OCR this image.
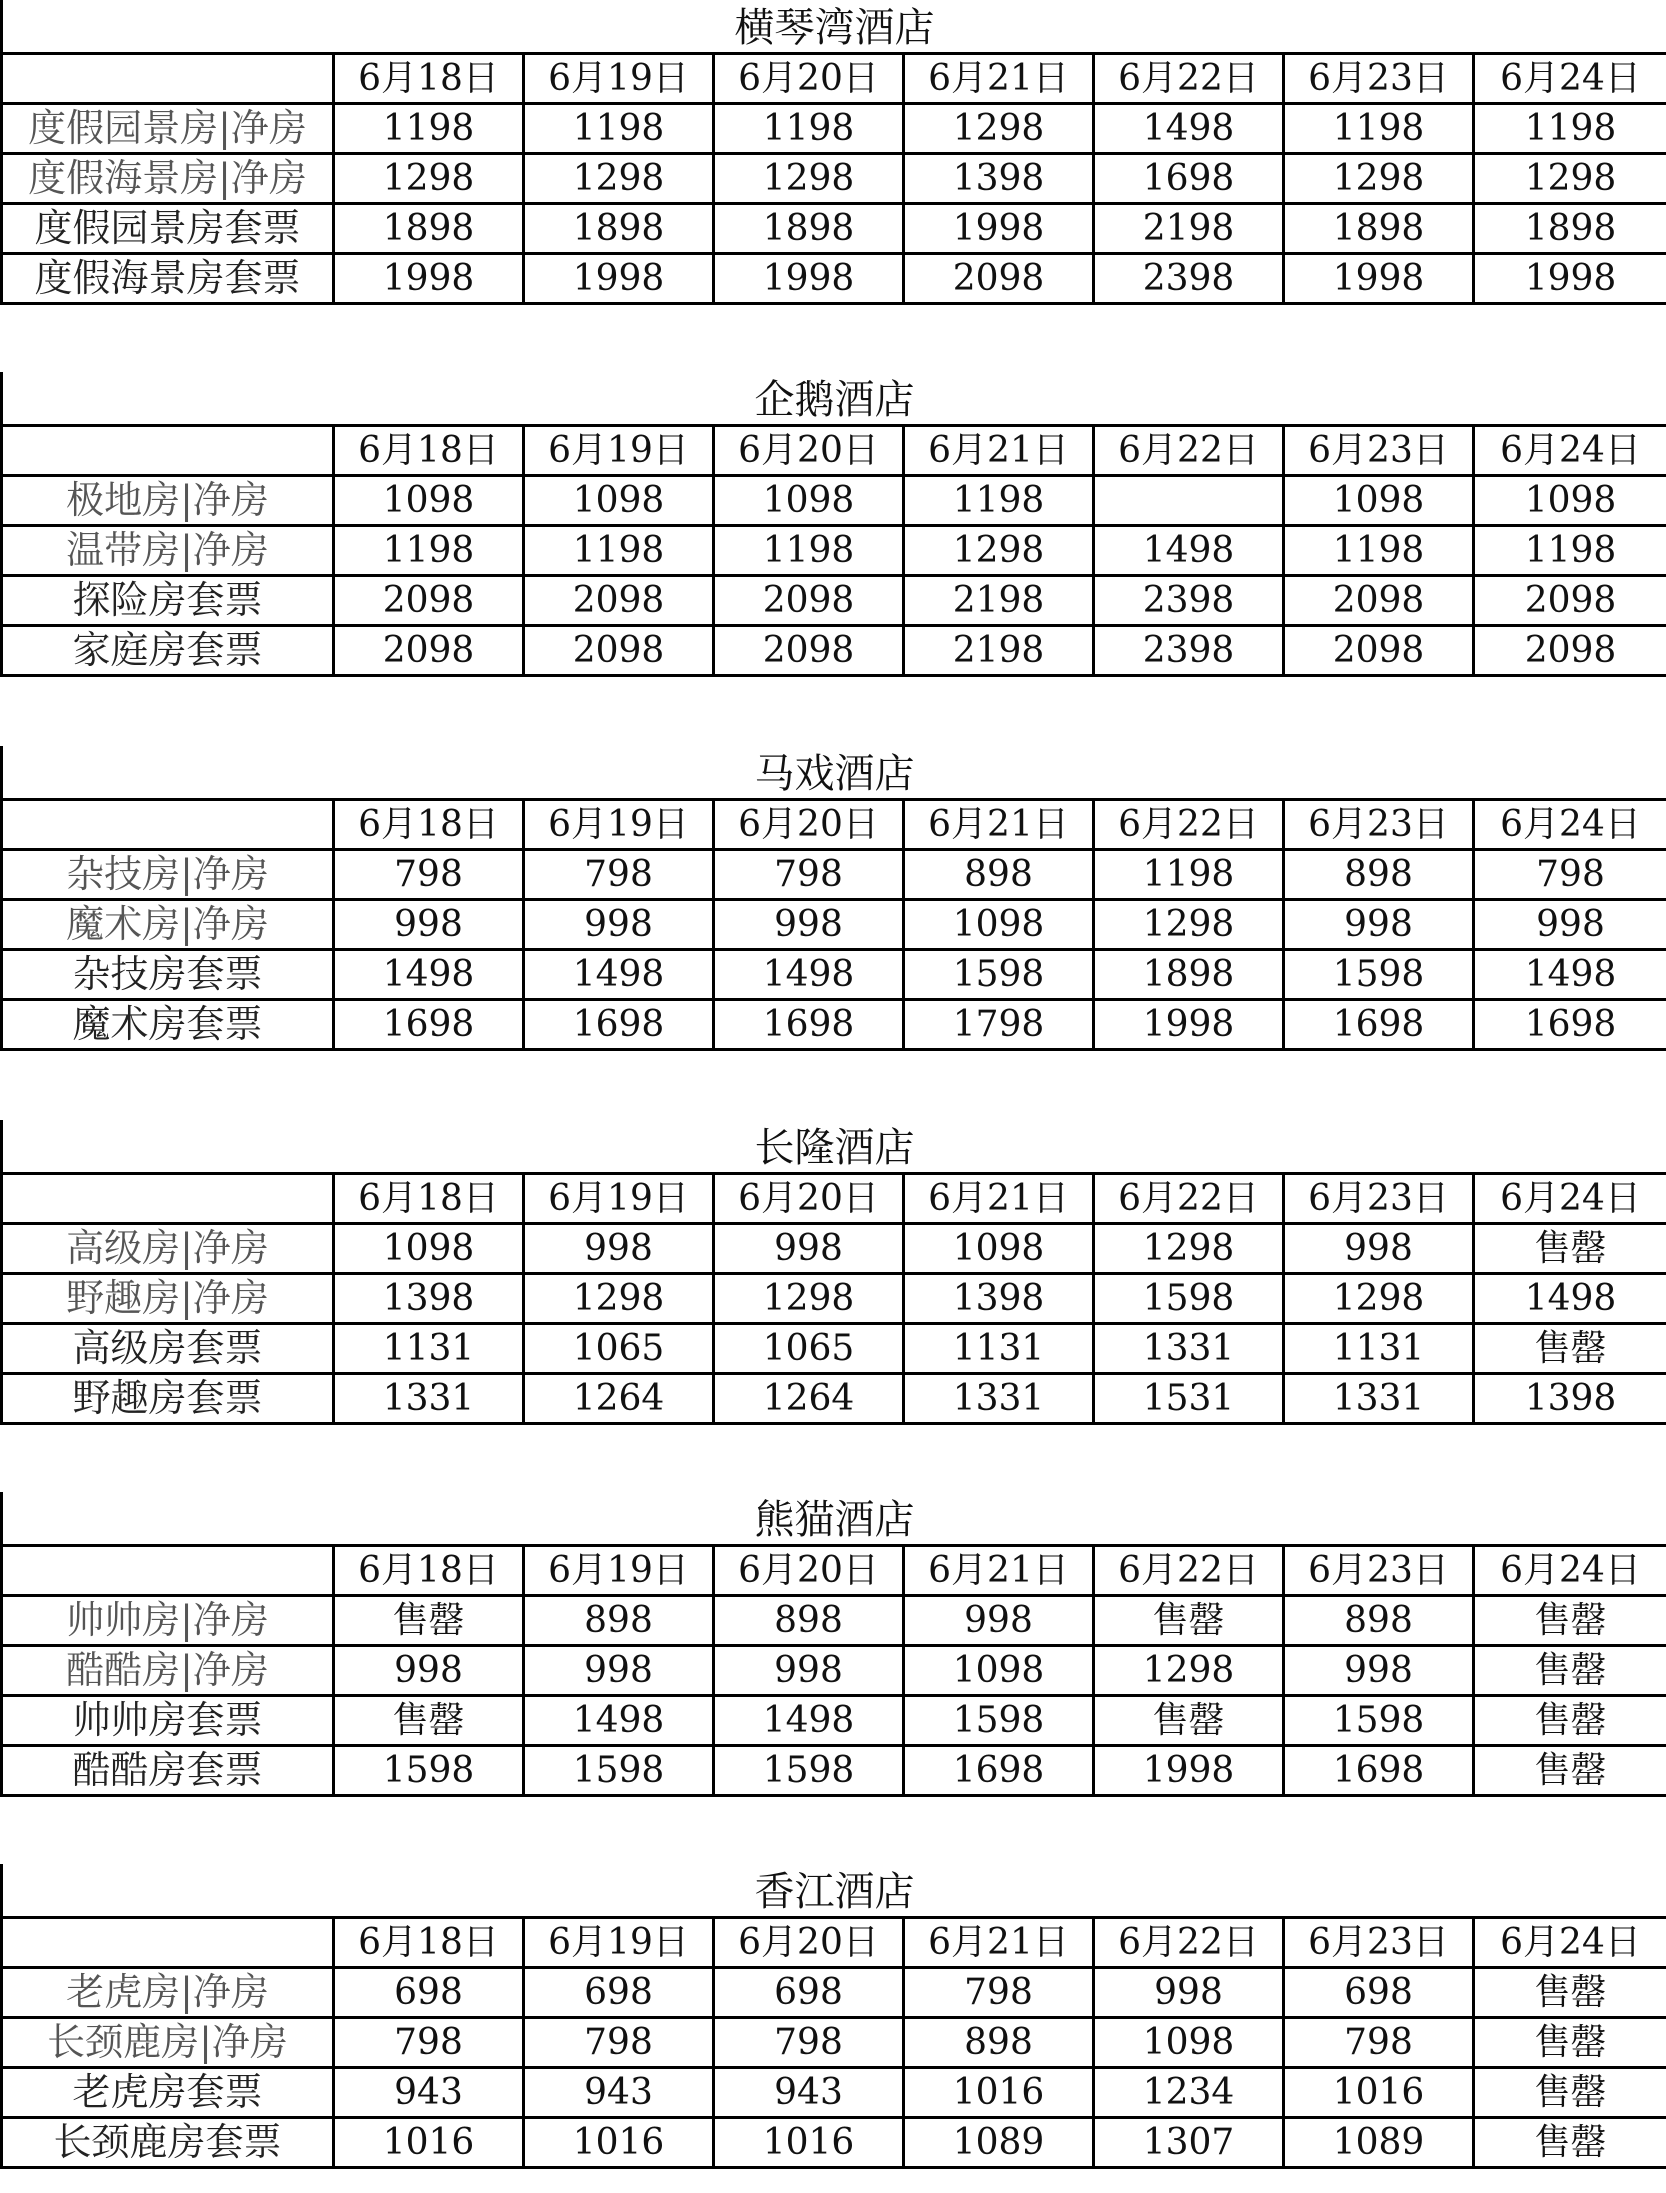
横琴湾酒店
	6月18日	6月19日	6月20日	6月21日	6月22日	6月23日	6月24日
度假园景房|净房	1198	1198	1198	1298	1498	1198	1198
度假海景房|净房	1298	1298	1298	1398	1698	1298	1298
度假园景房套票	1898	1898	1898	1998	2198	1898	1898
度假海景房套票	1998	1998	1998	2098	2398	1998	1998
企鹅酒店
	6月18日	6月19日	6月20日	6月21日	6月22日	6月23日	6月24日
极地房|净房	1098	1098	1098	1198		1098	1098
温带房|净房	1198	1198	1198	1298	1498	1198	1198
探险房套票	2098	2098	2098	2198	2398	2098	2098
家庭房套票	2098	2098	2098	2198	2398	2098	2098
马戏酒店
	6月18日	6月19日	6月20日	6月21日	6月22日	6月23日	6月24日
杂技房|净房	798	798	798	898	1198	898	798
魔术房|净房	998	998	998	1098	1298	998	998
杂技房套票	1498	1498	1498	1598	1898	1598	1498
魔术房套票	1698	1698	1698	1798	1998	1698	1698
长隆酒店
	6月18日	6月19日	6月20日	6月21日	6月22日	6月23日	6月24日
高级房|净房	1098	998	998	1098	1298	998	售罄
野趣房|净房	1398	1298	1298	1398	1598	1298	1498
高级房套票	1131	1065	1065	1131	1331	1131	售罄
野趣房套票	1331	1264	1264	1331	1531	1331	1398
熊猫酒店
	6月18日	6月19日	6月20日	6月21日	6月22日	6月23日	6月24日
帅帅房|净房	售罄	898	898	998	售罄	898	售罄
酷酷房|净房	998	998	998	1098	1298	998	售罄
帅帅房套票	售罄	1498	1498	1598	售罄	1598	售罄
酷酷房套票	1598	1598	1598	1698	1998	1698	售罄
香江酒店
	6月18日	6月19日	6月20日	6月21日	6月22日	6月23日	6月24日
老虎房|净房	698	698	698	798	998	698	售罄
长颈鹿房|净房	798	798	798	898	1098	798	售罄
老虎房套票	943	943	943	1016	1234	1016	售罄
长颈鹿房套票	1016	1016	1016	1089	1307	1089	售罄
